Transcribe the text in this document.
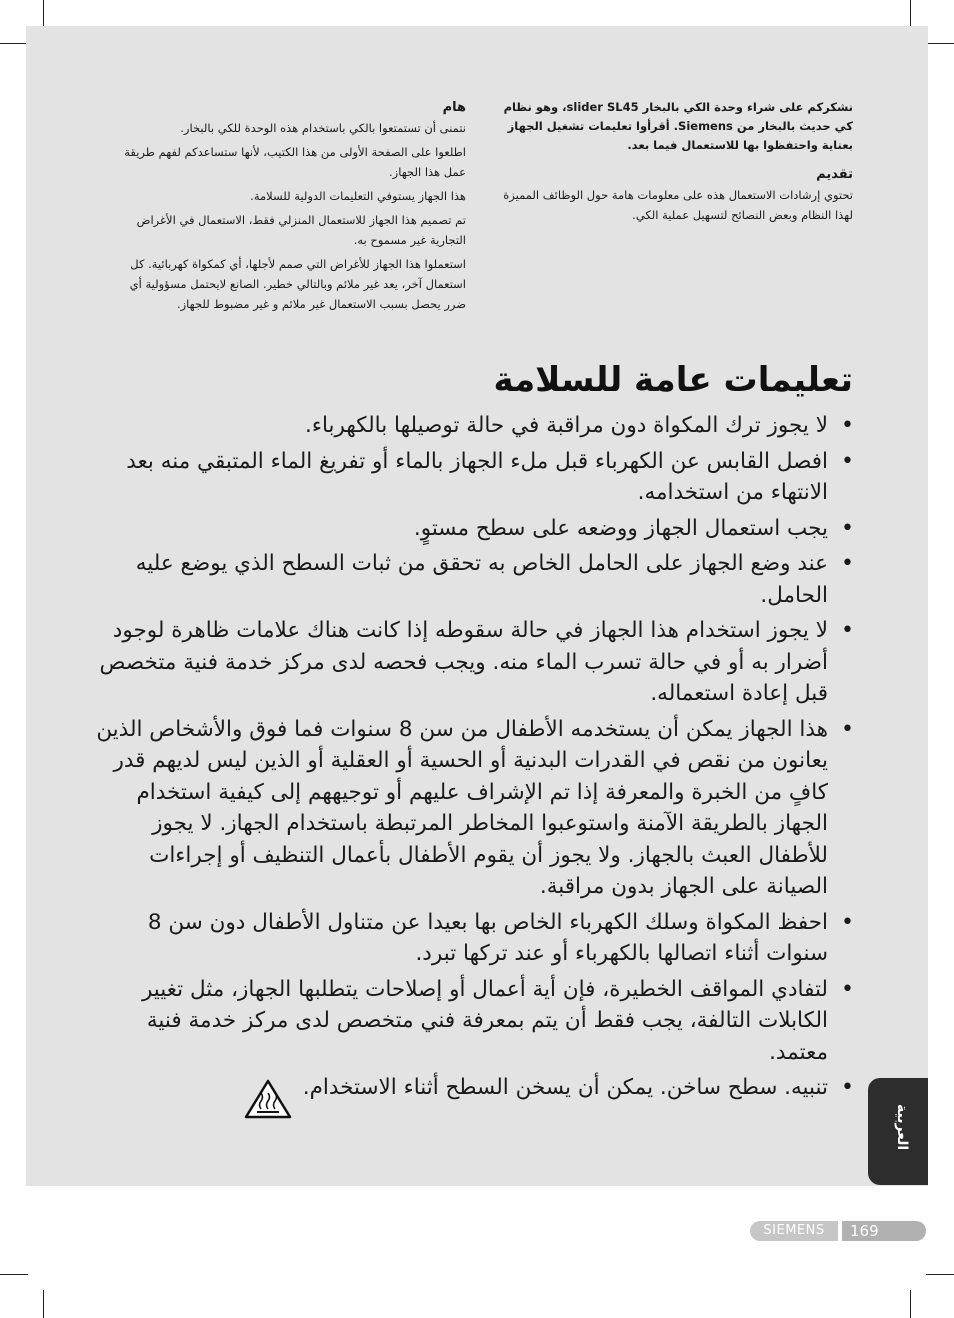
نشكركم على شراء وحدة الكي بالبخار slider SL45، وهو نظام كي حديث بالبخار من Siemens. أقرأوا تعليمات تشغيل الجهاز بعناية واحتفظوا بها للاستعمال فيما بعد.

تقديم

تحتوي إرشادات الاستعمال هذه على معلومات هامة حول الوظائف المميزة لهذا النظام وبعض النصائح لتسهيل عملية الكي.

هام

نتمنى أن تستمتعوا بالكي باستخدام هذه الوحدة للكي بالبخار.

اطلعوا على الصفحة الأولى من هذا الكتيب، لأنها ستساعدكم لفهم طريقة عمل هذا الجهاز.

هذا الجهاز يستوفي التعليمات الدولية للسلامة.

تم تصميم هذا الجهاز للاستعمال المنزلي فقط، الاستعمال في الأغراض التجارية غير مسموح به.

استعملوا هذا الجهاز للأغراض التي صمم لأجلها، أي كمكواة كهربائية. كل استعمال آخر، يعد غير ملائم وبالتالي خطير. الصانع لايحتمل مسؤولية أي ضرر يحصل بسبب الاستعمال غير ملائم و غير مضبوط للجهاز.

تعليمات عامة للسلامة
• لا يجوز ترك المكواة دون مراقبة في حالة توصيلها بالكهرباء.
• افصل القابس عن الكهرباء قبل ملء الجهاز بالماء أو تفريغ الماء المتبقي منه بعد الانتهاء من استخدامه.
• يجب استعمال الجهاز ووضعه على سطح مستوٍ.
• عند وضع الجهاز على الحامل الخاص به تحقق من ثبات السطح الذي يوضع عليه الحامل.
• لا يجوز استخدام هذا الجهاز في حالة سقوطه إذا كانت هناك علامات ظاهرة لوجود أضرار به أو في حالة تسرب الماء منه. ويجب فحصه لدى مركز خدمة فنية متخصص قبل إعادة استعماله.
• هذا الجهاز يمكن أن يستخدمه الأطفال من سن 8 سنوات فما فوق والأشخاص الذين يعانون من نقص في القدرات البدنية أو الحسية أو العقلية أو الذين ليس لديهم قدر كافٍ من الخبرة والمعرفة إذا تم الإشراف عليهم أو توجيههم إلى كيفية استخدام الجهاز بالطريقة الآمنة واستوعبوا المخاطر المرتبطة باستخدام الجهاز. لا يجوز للأطفال العبث بالجهاز. ولا يجوز أن يقوم الأطفال بأعمال التنظيف أو إجراءات الصيانة على الجهاز بدون مراقبة.
• احفظ المكواة وسلك الكهرباء الخاص بها بعيدا عن متناول الأطفال دون سن 8 سنوات أثناء اتصالها بالكهرباء أو عند تركها تبرد.
• لتفادي المواقف الخطيرة، فإن أية أعمال أو إصلاحات يتطلبها الجهاز، مثل تغيير الكابلات التالفة، يجب فقط أن يتم بمعرفة فني متخصص لدى مركز خدمة فنية معتمد.
• تنبيه. سطح ساخن. يمكن أن يسخن السطح أثناء الاستخدام.
العربية
SIEMENS	169
